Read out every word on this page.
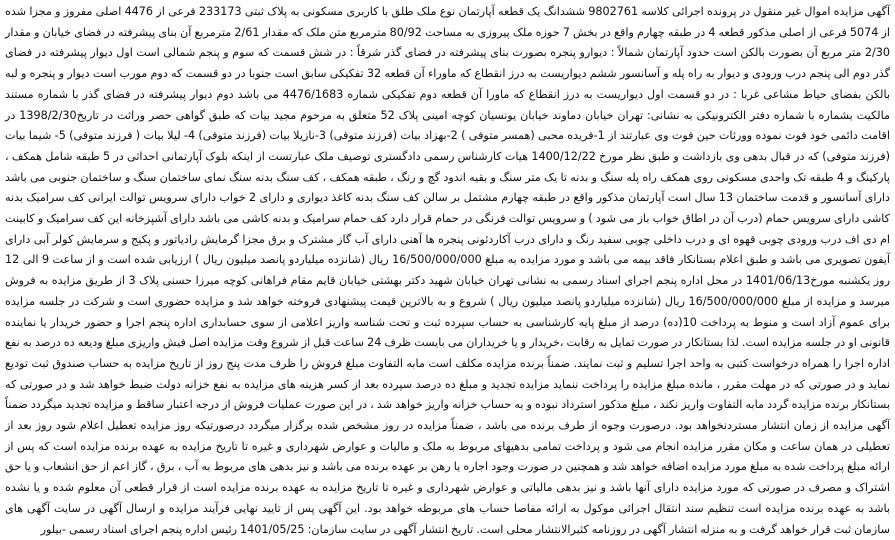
آگهی مزایده اموال غیر منقول در پرونده اجرائی کلاسه 9802761 ششدانگ یک قطعه آپارتمان نوع ملک طلق با کاربری مسکونی به پلاک ثبتی 233173 فرعی از 4476 اصلی مفروز و مجزا شده از 5074 فرعی از اصلی مذکور قطعه 4 در طبقه چهارم واقع در بخش 7 حوزه ملک پیروزی به مساحت 80/92 مترمربع متن ملک که مقدار 2/61 مترمربع آن بنای پیشرفته در فضای خیابان و مقدار 2/30 متر مربع آن بصورت بالکن است حدود آپارتمان شمالاً : دیوارو پنجره بصورت بنای پیشرفته در فضای گذر شرقاً : در شش قسمت که سوم و پنجم شمالی است اول دیوار پیشرفته در فضای گذر دوم الی پنجم درب ورودی و دیوار به راه پله و آسانسور ششم دیواریست به درز انقطاع که ماوراء آن قطعه 32 تفکیکی سابق است جنوبا در دو قسمت که دوم مورب است دیوار و پنجره و لبه بالکن بفضای حیاط مشاعی غربا : در دو قسمت اول دیواریست به درز انقطاع که ماورا آن قطعه دوم تفکیکی شماره 4476/1683 می باشد دوم دیوار پیشرفته در فضای گذر با شماره مستند مالکیت بشماره با شماره دفتر الکترونیکی به نشانی: تهران خیابان دماوند خیابان یونسیان کوچه امینی پلاک 52 متعلق به مرحوم مجید بیات که طبق گواهی حصر وراثت در تاریخ1398/2/30 در اقامت دائمی خود فوت نموده وورثات حین فوت وی عبارتند از 1-فریده محبی (همسر متوفی ) 2-بهزاد بیات (فرزند متوفی) 3-نازیلا بیات (فرزند متوفی) 4- لیلا بیات ( فرزند متوفی) 5- شیما بیات (فرزند متوفی) که در قبال بدهی وی بازداشت و طبق نظر مورخ 1400/12/22 هیات کارشناس رسمی دادگستری توصیف ملک عبارتست از اینکه بلوک آپارتمانی احداثی در 5 طبقه شامل همکف ، پارکینگ و 4 طبقه تک واحدی مسکونی روی همکف راه پله سنگ و بدنه تا یک متر سنگ و بقیه اندود گچ و رنگ ، طبقه همکف ، کف سنگ بدنه سنگ نمای ساختمان سنگ و ساختمان جنوبی می باشد دارای آسانسور و قدمت ساختمان 13 سال است آپارتمان مذکور واقع در طبقه چهارم مشتمل بر سالن کف سنگ بدنه کاغذ دیواری و دارای 2 خواب دارای سرویس توالت ایرانی کف سرامیک بدنه کاشی دارای سرویس حمام (درب آن در اطاق خواب باز می شود ) و سرویس توالت فرنگی در حمام قرار دارد کف حمام سرامیک و بدنه کاشی می باشد دارای آشپزخانه این کف سرامیک و کابینت ام دی اف درب ورودی چوبی قهوه ای و درب داخلی چوبی سفید رنگ و دارای درب آکاردئونی پنجره ها آهنی دارای آب گاز مشترک و برق مجزا گرمایش رادیاتور و پکیج و سرمایش کولر آبی دارای آیفون تصویری می باشد و طبق اعلام بستانکار فاقد بیمه می باشد و مورد مزایده به مبلغ 16/500/000/000 ریال (شانزده میلیاردو پانصد میلیون ریال ) ارزیابی شده است و از ساعت 9 الی 12 روز یکشنبه مورخ1401/06/13 در محل اداره پنجم اجرای اسناد رسمی به نشانی تهران خیابان شهید دکتر بهشتی خیابان قایم مقام فراهانی کوچه میرزا حسنی پلاک 3 از طریق مزایده به فروش میرسد و مزایده از مبلغ 16/500/000/000 ریال (شانزده میلیاردو پانصد میلیون ریال ) شروع و به بالاترین قیمت پیشنهادی فروخته خواهد شد و مزایده حضوری است و شرکت در جلسه مزایده برای عموم آزاد است و منوط به پرداخت 10(ده) درصد از مبلغ پایه کارشناسی به حساب سپرده ثبت و تحت شناسه واریز اعلامی از سوی حسابداری اداره پنجم اجرا و حضور خریدار یا نماینده قانونی او در جلسه مزایده است. لذا بستانکار در صورت تمایل به رقابت ،خریدار و یا خریداران می بایست ظرف 24 ساعت قبل از شروع وقت مزایده اصل فیش واریزی مبلغ ودیعه ده درصد به نفع اداره اجرا را همراه درخواست کتبی به واحد اجرا تسلیم و ثبت نمایند. ضمناً برنده مزایده مکلف است مابه التفاوت مبلغ فروش را ظرف مدت پنج روز از تاریخ مزایده به حساب صندوق ثبت تودیع نماید و در صورتی که در مهلت مقرر ، مانده مبلغ مزایده را پرداخت ننماید مزایده تجدید و مبلغ ده درصد سپرده بعد از کسر هزینه های مزایده به نفع خزانه دولت ضبط خواهد شد و در صورتی که بستانکار برنده مزایده گردد مابه التفاوت واریز نکند ، مبلغ مذکور استرداد نبوده و به حساب خزانه واریز خواهد شد ، در این صورت عملیات فروش از درجه اعتبار ساقط و مزایده تجدید میگردد ضمناً آگهی مزایده از زمان انتشار مستردنخواهد بود. درصورت وجوه از طرف برنده می باشد ، ضمناً مزایده در روز مشخص شده برگزار میگردد درصورتیکه روز مزایده تعطیل اعلام شود روز بعد از تعطیلی در همان ساعت و مکان مقرر مزایده انجام می شود و پرداخت تمامی بدهیهای مربوط به ملک و مالیات و عوارض شهرداری و غیره تا تاریخ مزایده به عهده برنده مزایده است که پس از ارائه مبلغ پرداخت شده به مبلغ مورد مزایده اضافه خواهد شد و همچنین در صورت وجود اجاره یا رهن بر عهده برنده می باشد و نیز بدهی های مربوط به آب ، برق ، گاز اعم از حق انشعاب و یا حق اشتراک و مصرف در صورتی که مورد مزایده دارای آنها باشد و نیز بدهی مالیاتی و عوارض شهرداری و غیره تا تاریخ مزایده به عهده برنده مزایده است از قرار قطعی آن معلوم شده و یا نشده باشد به عهده برنده مزایده است تنظیم سند انتقال اجرائی موکول به ارائه مفاصا حساب های مربوطه خواهد بود. این آگهی پس از تایید نهایی فرآیند مزایده و ارسال آگهی در سایت آگهی های سازمان ثبت قرار خواهد گرفت و به منزله انتشار آگهی در روزنامه کثیرالانتشار محلی است. تاریخ انتشار آگهی در سایت سازمان: 1401/05/25 رئیس اداره پنجم اجرای اسناد رسمی -بیلور
